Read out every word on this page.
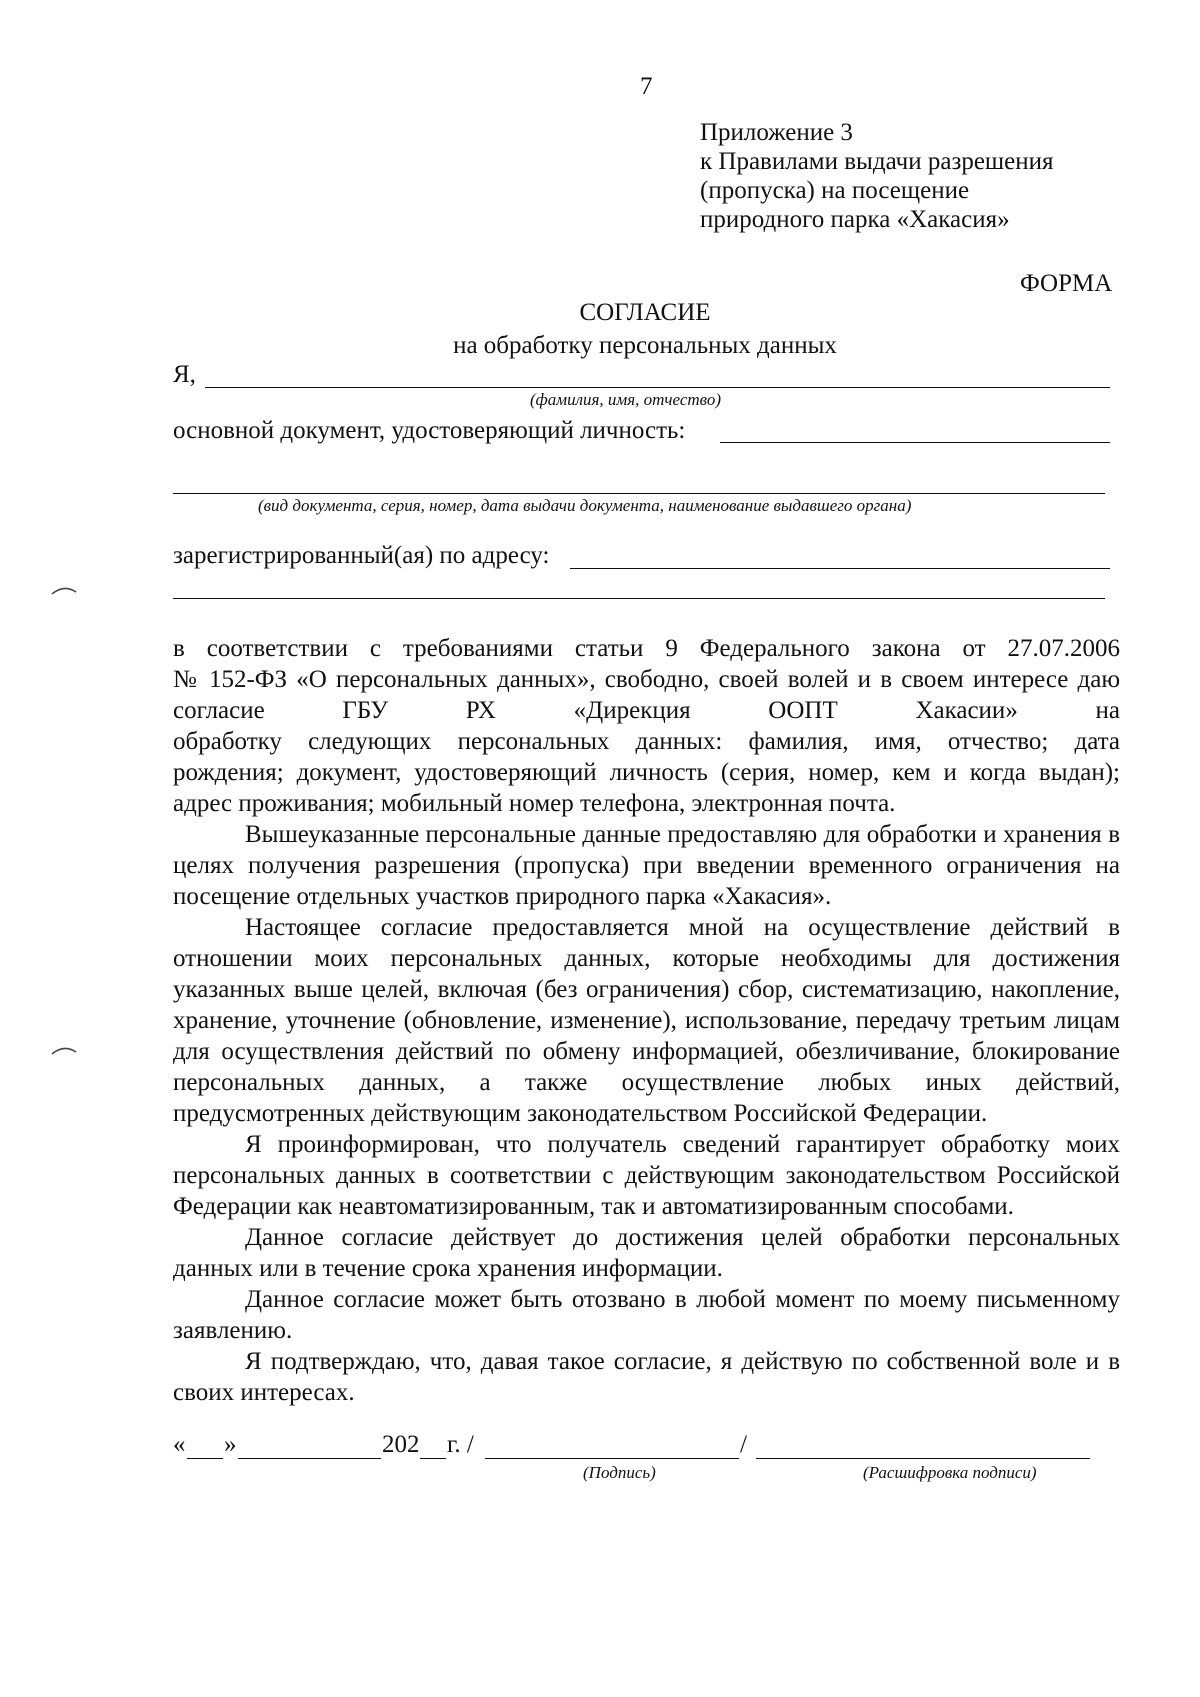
7
Приложение 3
к Правилами выдачи разрешения
(пропуска) на посещение
природного парка «Хакасия»
ФОРМА
СОГЛАСИЕ
на обработку персональных данных
Я,
(фамилия, имя, отчество)
основной документ, удостоверяющий личность:
(вид документа, серия, номер, дата выдачи документа, наименование выдавшего органа)
зарегистрированный(ая) по адресу:
в соответствии с требованиями статьи 9 Федерального закона от 27.07.2006
№ 152-ФЗ «О персональных данных», свободно, своей волей и в своем интересе даю
согласие ГБУ РХ «Дирекция ООПТ Хакасии» на
обработку следующих персональных данных: фамилия, имя, отчество; дата
рождения; документ, удостоверяющий личность (серия, номер, кем и когда выдан);
адрес проживания; мобильный номер телефона, электронная почта.
Вышеуказанные персональные данные предоставляю для обработки и хранения в целях получения разрешения (пропуска) при введении временного ограничения на посещение отдельных участков природного парка «Хакасия».
Настоящее согласие предоставляется мной на осуществление действий в отношении моих персональных данных, которые необходимы для достижения указанных выше целей, включая (без ограничения) сбор, систематизацию, накопление, хранение, уточнение (обновление, изменение), использование, передачу третьим лицам для осуществления действий по обмену информацией, обезличивание, блокирование персональных данных, а также осуществление любых иных действий, предусмотренных действующим законодательством Российской Федерации.
Я проинформирован, что получатель сведений гарантирует обработку моих персональных данных в соответствии с действующим законодательством Российской Федерации как неавтоматизированным, так и автоматизированным способами.
Данное согласие действует до достижения целей обработки персональных данных или в течение срока хранения информации.
Данное согласие может быть отозвано в любой момент по моему письменному заявлению.
Я подтверждаю, что, давая такое согласие, я действую по собственной воле и в своих интересах.
« »	202 г. /	/
(Подпись)	(Расшифровка подписи)
